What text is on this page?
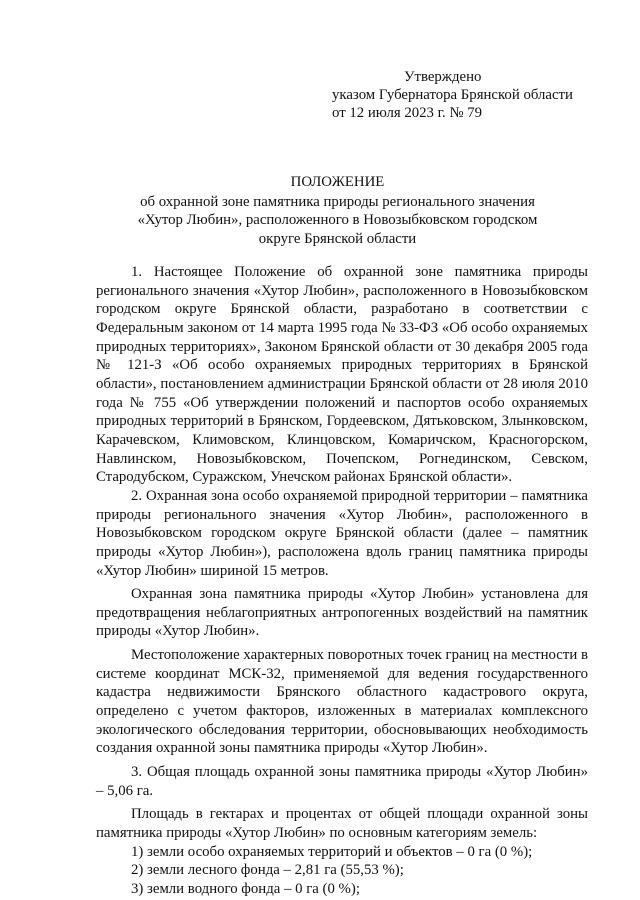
Утверждено
указом Губернатора Брянской области
от 12 июля 2023 г. № 79
ПОЛОЖЕНИЕ
об охранной зоне памятника природы регионального значения
«Хутор Любин», расположенного в Новозыбковском городском
округе Брянской области

1. Настоящее Положение об охранной зоне памятника природы регионального значения «Хутор Любин», расположенного в Новозыбковском городском округе Брянской области, разработано в соответствии с Федеральным законом от 14 марта 1995 года № 33-ФЗ «Об особо охраняемых природных территориях», Законом Брянской области от 30 декабря 2005 года № 121-З «Об особо охраняемых природных территориях в Брянской области», постановлением администрации Брянской области от 28 июля 2010 года № 755 «Об утверждении положений и паспортов особо охраняемых природных территорий в Брянском, Гордеевском, Дятьковском, Злынковском, Карачевском, Климовском, Клинцовском, Комаричском, Красногорском, Навлинском, Новозыбковском, Почепском, Рогнединском, Севском, Стародубском, Суражском, Унечском районах Брянской области».

2. Охранная зона особо охраняемой природной территории – памятника природы регионального значения «Хутор Любин», расположенного в Новозыбковском городском округе Брянской области (далее – памятник природы «Хутор Любин»), расположена вдоль границ памятника природы «Хутор Любин» шириной 15 метров.

Охранная зона памятника природы «Хутор Любин» установлена для предотвращения неблагоприятных антропогенных воздействий на памятник природы «Хутор Любин».

Местоположение характерных поворотных точек границ на местности в системе координат МСК-32, применяемой для ведения государственного кадастра недвижимости Брянского областного кадастрового округа, определено с учетом факторов, изложенных в материалах комплексного экологического обследования территории, обосновывающих необходимость создания охранной зоны памятника природы «Хутор Любин».

3. Общая площадь охранной зоны памятника природы «Хутор Любин» – 5,06 га.

Площадь в гектарах и процентах от общей площади охранной зоны памятника природы «Хутор Любин» по основным категориям земель:

1) земли особо охраняемых территорий и объектов – 0 га (0 %);

2) земли лесного фонда – 2,81 га (55,53 %);

3) земли водного фонда – 0 га (0 %);
